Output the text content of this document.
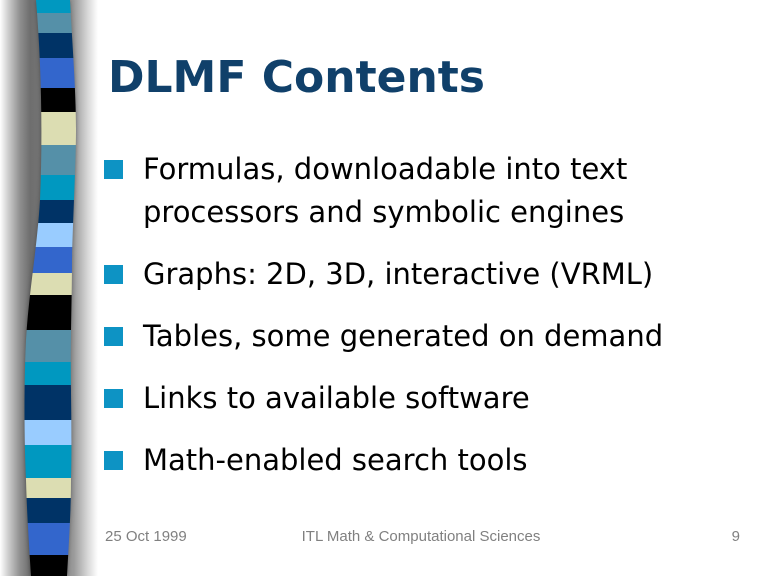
DLMF Contents
Formulas, downloadable into text processors and symbolic engines
Graphs: 2D, 3D, interactive (VRML)
Tables, some generated on demand
Links to available software
Math-enabled search tools
25 Oct 1999	ITL Math & Computational Sciences	9
